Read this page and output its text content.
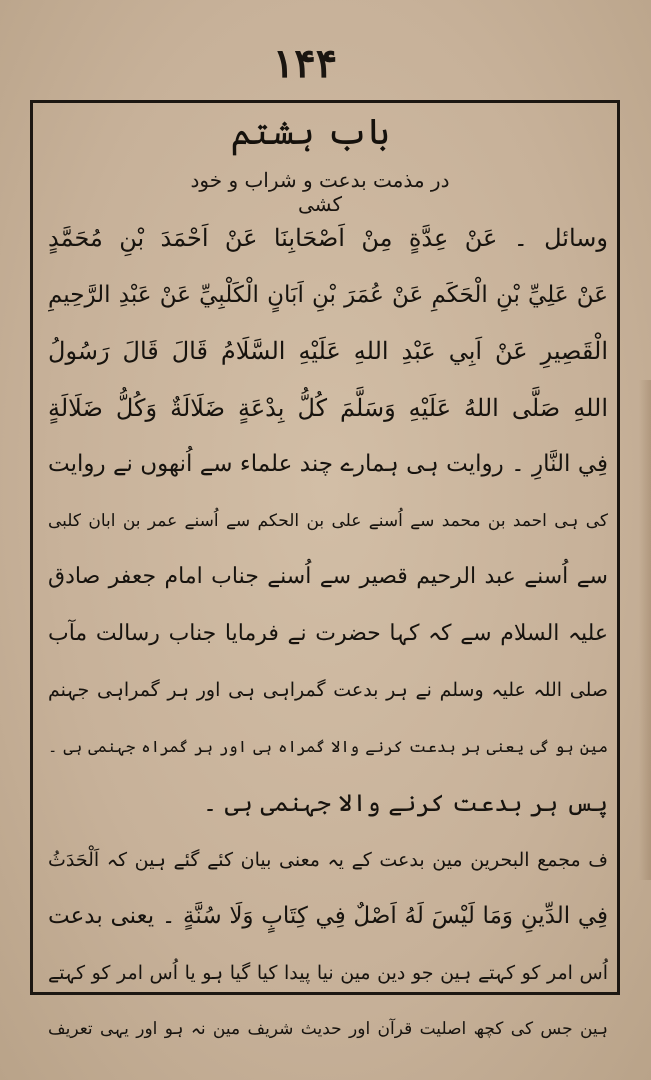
۱۴۴
باب ہشتم
در مذمت بدعت و شراب و خود کشی
وسائل ۔ عَنْ عِدَّةٍ مِنْ اَصْحَابِنَا عَنْ اَحْمَدَ بْنِ مُحَمَّدٍ
عَنْ عَلِيِّ بْنِ الْحَكَمِ عَنْ عُمَرَ بْنِ اَبَانٍ الْكَلْبِيِّ عَنْ عَبْدِ الرَّحِيمِ
الْقَصِيرِ عَنْ اَبِي عَبْدِ اللهِ عَلَيْهِ السَّلَامُ قَالَ قَالَ رَسُولُ
اللهِ صَلَّى اللهُ عَلَيْهِ وَسَلَّمَ كُلُّ بِدْعَةٍ ضَلَالَةٌ وَكُلُّ ضَلَالَةٍ
فِي النَّارِ ۔ روایت ہی ہمارے چند علماء سے اُنھوں نے روایت
کی ہی احمد بن محمد سے اُسنے علی بن الحکم سے اُسنے عمر بن ابان کلبی
سے اُسنے عبد الرحیم قصیر سے اُسنے جناب امام جعفر صادق
علیہ السلام سے کہ کہا حضرت نے فرمایا جناب رسالت مآب
صلی اللہ علیہ وسلم نے ہر بدعت گمراہی ہی اور ہر گمراہی جہنم
مین ہو گی یعنی ہر بدعت کرنے والا گمراہ ہی اور ہر گمراہ جہنمی ہی ۔
پس ہر بدعت کرنے والا جہنمی ہی ۔
ف مجمع البحرین مین بدعت کے یہ معنی بیان کئے گئے ہین کہ اَلْحَدَثُ
فِي الدِّينِ وَمَا لَيْسَ لَهُ اَصْلٌ فِي كِتَابٍ وَلَا سُنَّةٍ ۔ یعنی بدعت
اُس امر کو کہتے ہین جو دین مین نیا پیدا کیا گیا ہو یا اُس امر کو کہتے
ہین جس کی کچھ اصلیت قرآن اور حدیث شریف مین نہ ہو اور یہی تعریف
